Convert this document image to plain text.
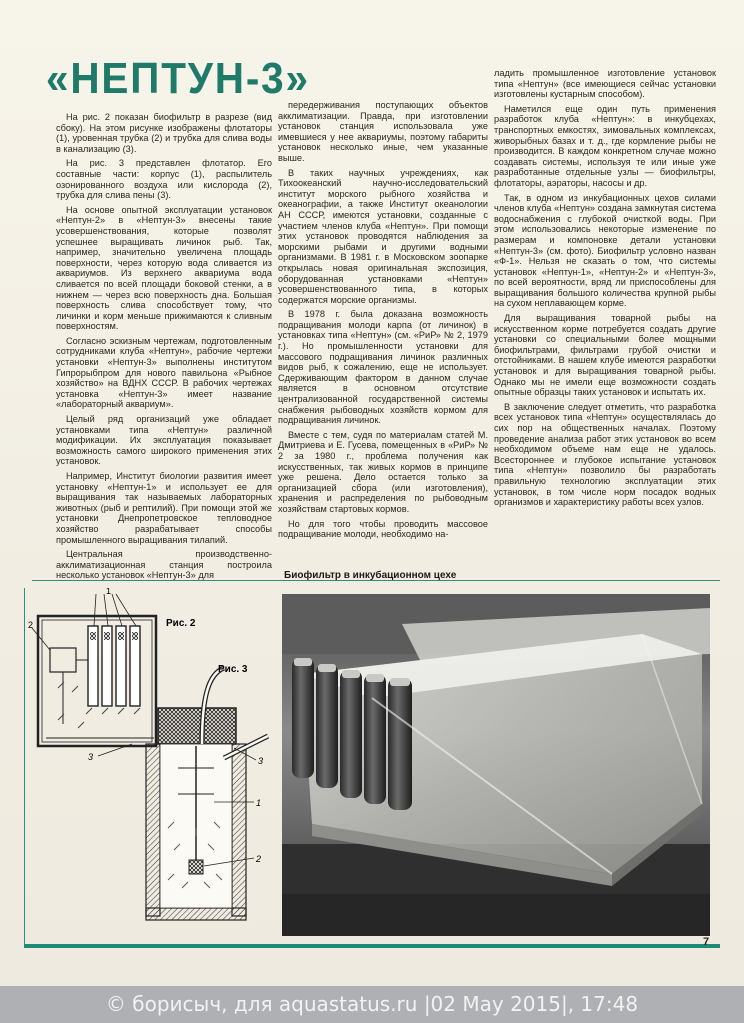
«НЕПТУН-3»

На рис. 2 показан биофильтр в разрезе (вид сбоку). На этом рисунке изображены флотаторы (1), уровенная трубка (2) и трубка для слива воды в канализацию (3).

На рис. 3 представлен флотатор. Его составные части: корпус (1), распылитель озонированного воздуха или кислорода (2), трубка для слива пены (3).

На основе опытной эксплуатации установок «Нептун-2» в «Нептун-3» внесены такие усовершенствования, которые позволят успешнее выращивать личинок рыб. Так, например, значительно увеличена площадь поверхности, через которую вода сливается из аквариумов. Из верхнего аквариума вода сливается по всей площади боковой стенки, а в нижнем — через всю поверхность дна. Большая поверхность слива способствует тому, что личинки и корм меньше прижимаются к сливным поверхностям.

Согласно эскизным чертежам, подготовленным сотрудниками клуба «Нептун», рабочие чертежи установки «Нептун-3» выполнены институтом Гипрорыбпром для нового павильона «Рыбное хозяйство» на ВДНХ СССР. В рабочих чертежах установка «Нептун-3» имеет название «лабораторный аквариум».

Целый ряд организаций уже обладает установками типа «Нептун» различной модификации. Их эксплуатация показывает возможность самого широкого применения этих установок.

Например, Институт биологии развития имеет установку «Нептун-1» и использует ее для выращивания так называемых лабораторных животных (рыб и рептилий). При помощи этой же установки Днепропетровское тепловодное хозяйство разрабатывает способы промышленного выращивания тилапий.

Центральная производственно-акклиматизационная станция построила несколько установок «Нептун-3» для

передерживания поступающих объектов акклиматизации. Правда, при изготовлении установок станция использовала уже имевшиеся у нее аквариумы, поэтому габариты установок несколько иные, чем указанные выше.

В таких научных учреждениях, как Тихоокеанский научно-исследовательский институт морского рыбного хозяйства и океанографии, а также Институт океанологии АН СССР, имеются установки, созданные с участием членов клуба «Нептун». При помощи этих установок проводятся наблюдения за морскими рыбами и другими водными организмами. В 1981 г. в Московском зоопарке открылась новая оригинальная экспозиция, оборудованная установками «Нептун» усовершенствованного типа, в которых содержатся морские организмы.

В 1978 г. была доказана возможность подращивания молоди карпа (от личинок) в установках типа «Нептун» (см. «РиР» № 2, 1979 г.). Но промышленности установки для массового подращивания личинок различных видов рыб, к сожалению, еще не использует. Сдерживающим фактором в данном случае является в основном отсутствие централизованной государственной системы снабжения рыбоводных хозяйств кормом для подращивания личинок.

Вместе с тем, судя по материалам статей М. Дмитриева и Е. Гусева, помещенных в «РиР» № 2 за 1980 г., проблема получения как искусственных, так живых кормов в принципе уже решена. Дело остается только за организацией сбора (или изготовления), хранения и распределения по рыбоводным хозяйствам стартовых кормов.

Но для того чтобы проводить массовое подращивание молоди, необходимо на-

ладить промышленное изготовление установок типа «Нептун» (все имеющиеся сейчас установки изготовлены кустарным способом).

Наметился еще один путь применения разработок клуба «Нептун»: в инкубцехах, транспортных емкостях, зимовальных комплексах, живорыбных базах и т. д., где кормление рыбы не производится. В каждом конкретном случае можно создавать системы, используя те или иные уже разработанные отдельные узлы — биофильтры, флотаторы, аэраторы, насосы и др.

Так, в одном из инкубационных цехов силами членов клуба «Нептун» создана замкнутая система водоснабжения с глубокой очисткой воды. При этом использовались некоторые изменение по размерам и компоновке детали установки «Нептун-3» (см. фото). Биофильтр условно назван «Ф-1». Нельзя не сказать о том, что системы установок «Нептун-1», «Нептун-2» и «Нептун-3», по всей вероятности, вряд ли приспособлены для выращивания большого количества крупной рыбы на сухом неплавающем корме.

Для выращивания товарной рыбы на искусственном корме потребуется создать другие установки со специальными более мощными биофильтрами, фильтрами грубой очистки и отстойниками. В нашем клубе имеются разработки установок и для выращивания товарной рыбы. Однако мы не имели еще возможности создать опытные образцы таких установок и испытать их.

В заключение следует отметить, что разработка всех установок типа «Нептун» осуществлялась до сих пор на общественных началах. Поэтому проведение анализа работ этих установок во всем необходимом объеме нам еще не удалось. Всестороннее и глубокое испытание установок типа «Нептун» позволило бы разработать правильную технологию эксплуатации этих установок, в том числе норм посадок водных организмов и характеристику работы всех узлов.

1
2
3
Рис. 2
Рис. 3
1
2
3
Биофильтр в инкубационном цехе
7
© борисыч, для aquastatus.ru |02 May 2015|, 17:48
